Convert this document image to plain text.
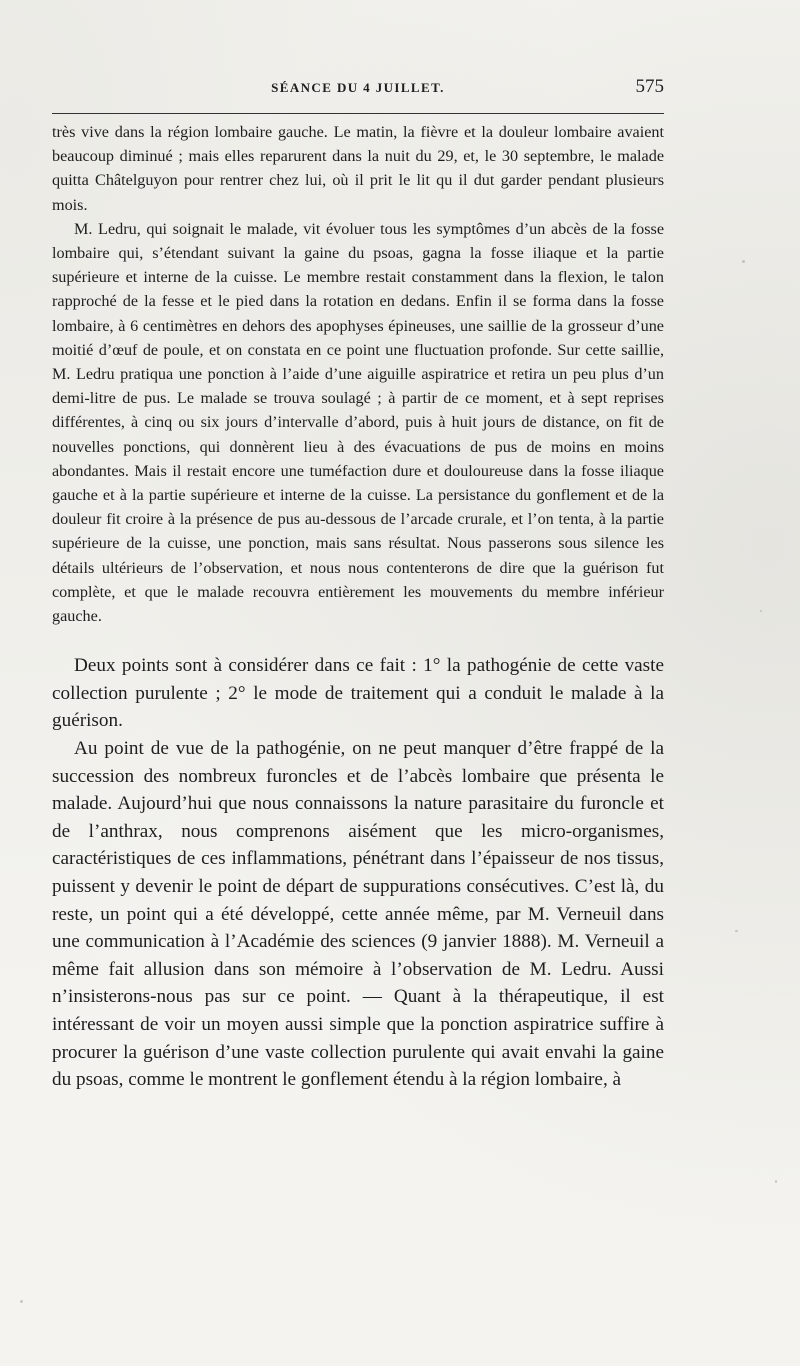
SÉANCE DU 4 JUILLET.	575

très vive dans la région lombaire gauche. Le matin, la fièvre et la douleur lombaire avaient beaucoup diminué ; mais elles reparurent dans la nuit du 29, et, le 30 septembre, le malade quitta Châtelguyon pour rentrer chez lui, où il prit le lit qu il dut garder pendant plusieurs mois.

M. Ledru, qui soignait le malade, vit évoluer tous les symptômes d’un abcès de la fosse lombaire qui, s’étendant suivant la gaine du psoas, gagna la fosse iliaque et la partie supérieure et interne de la cuisse. Le membre restait constamment dans la flexion, le talon rapproché de la fesse et le pied dans la rotation en dedans. Enfin il se forma dans la fosse lombaire, à 6 centimètres en dehors des apophyses épineuses, une saillie de la grosseur d’une moitié d’œuf de poule, et on constata en ce point une fluctuation profonde. Sur cette saillie, M. Ledru pratiqua une ponction à l’aide d’une aiguille aspiratrice et retira un peu plus d’un demi-litre de pus. Le malade se trouva soulagé ; à partir de ce moment, et à sept reprises différentes, à cinq ou six jours d’intervalle d’abord, puis à huit jours de distance, on fit de nouvelles ponctions, qui donnèrent lieu à des évacuations de pus de moins en moins abondantes. Mais il restait encore une tuméfaction dure et douloureuse dans la fosse iliaque gauche et à la partie supérieure et interne de la cuisse. La persistance du gonflement et de la douleur fit croire à la présence de pus au-dessous de l’arcade crurale, et l’on tenta, à la partie supérieure de la cuisse, une ponction, mais sans résultat. Nous passerons sous silence les détails ultérieurs de l’observation, et nous nous contenterons de dire que la guérison fut complète, et que le malade recouvra entièrement les mouvements du membre inférieur gauche.

Deux points sont à considérer dans ce fait : 1° la pathogénie de cette vaste collection purulente ; 2° le mode de traitement qui a conduit le malade à la guérison.

Au point de vue de la pathogénie, on ne peut manquer d’être frappé de la succession des nombreux furoncles et de l’abcès lombaire que présenta le malade. Aujourd’hui que nous connaissons la nature parasitaire du furoncle et de l’anthrax, nous comprenons aisément que les micro-organismes, caractéristiques de ces inflammations, pénétrant dans l’épaisseur de nos tissus, puissent y devenir le point de départ de suppurations consécutives. C’est là, du reste, un point qui a été développé, cette année même, par M. Verneuil dans une communication à l’Académie des sciences (9 janvier 1888). M. Verneuil a même fait allusion dans son mémoire à l’observation de M. Ledru. Aussi n’insisterons-nous pas sur ce point. — Quant à la thérapeutique, il est intéressant de voir un moyen aussi simple que la ponction aspiratrice suffire à procurer la guérison d’une vaste collection purulente qui avait envahi la gaine du psoas, comme le montrent le gonflement étendu à la région lombaire, à
